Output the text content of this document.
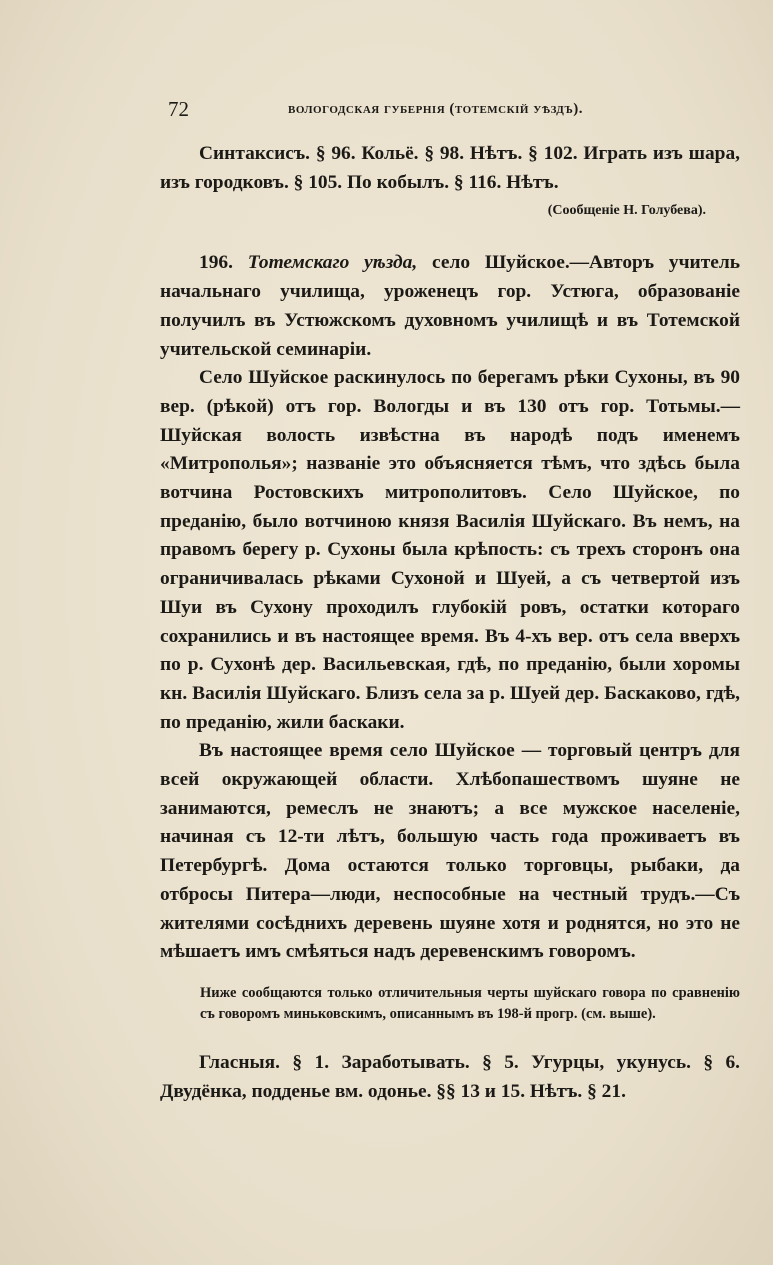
72	вологодская губернія (тотемскій уѣздъ).

Синтаксисъ. § 96. Кольё. § 98. Нѣтъ. § 102. Играть изъ шара, изъ городковъ. § 105. По кобылъ. § 116. Нѣтъ.

(Сообщеніе Н. Голубева).

196. Тотемскаго уѣзда, село Шуйское.—Авторъ учитель начальнаго училища, уроженецъ гор. Устюга, образованіе получилъ въ Устюжскомъ духовномъ училищѣ и въ Тотемской учительской семинаріи.

Село Шуйское раскинулось по берегамъ рѣки Сухоны, въ 90 вер. (рѣкой) отъ гор. Вологды и въ 130 отъ гор. Тотьмы.—Шуйская волость извѣстна въ народѣ подъ именемъ «Митрополья»; названіе это объясняется тѣмъ, что здѣсь была вотчина Ростовскихъ митрополитовъ. Село Шуйское, по преданію, было вотчиною князя Василія Шуйскаго. Въ немъ, на правомъ берегу р. Сухоны была крѣпость: съ трехъ сторонъ она ограничивалась рѣками Сухоной и Шуей, а съ четвертой изъ Шуи въ Сухону проходилъ глубокій ровъ, остатки котораго сохранились и въ настоящее время. Въ 4-хъ вер. отъ села вверхъ по р. Сухонѣ дер. Васильевская, гдѣ, по преданію, были хоромы кн. Василія Шуйскаго. Близъ села за р. Шуей дер. Баскаково, гдѣ, по преданію, жили баскаки.

Въ настоящее время село Шуйское — торговый центръ для всей окружающей области. Хлѣбопашествомъ шуяне не занимаются, ремеслъ не знаютъ; а все мужское населеніе, начиная съ 12-ти лѣтъ, большую часть года проживаетъ въ Петербургѣ. Дома остаются только торговцы, рыбаки, да отбросы Питера—люди, неспособные на честный трудъ.—Съ жителями сосѣднихъ деревень шуяне хотя и роднятся, но это не мѣшаетъ имъ смѣяться надъ деревенскимъ говоромъ.

Ниже сообщаются только отличительныя черты шуйскаго говора по сравненію съ говоромъ миньковскимъ, описаннымъ въ 198-й прогр. (см. выше).

Гласныя. § 1. Заработывать. § 5. Угурцы, укунусь. § 6. Двудёнка, подденье вм. одонье. §§ 13 и 15. Нѣтъ. § 21.
